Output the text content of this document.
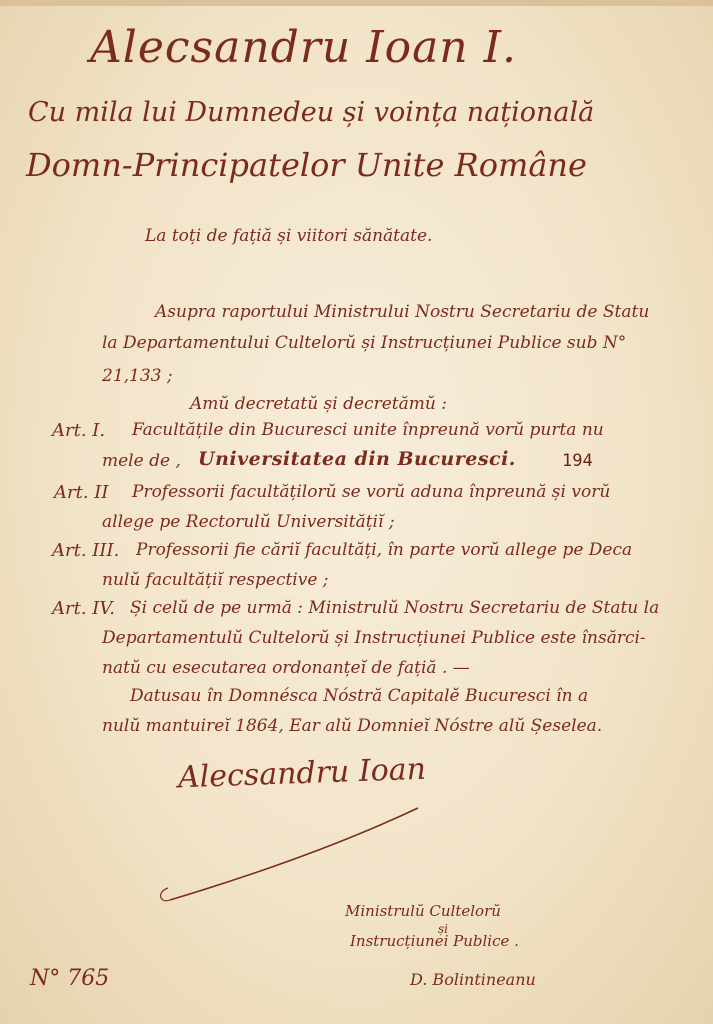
Alecsandru Ioan I.
Cu mila lui Dumnedeu și voința națională
Domn-Principatelor Unite Române
La toți de fațiă și viitori sănătate.
Asupra raportului Ministrului Nostru Secretariu de Statu
la Departamentului Cultelorŭ și Instrucțiunei Publice sub N°
21,133 ;
Amŭ decretatŭ și decretămŭ :
Art. I. Facultățile din Bucuresci unite înpreună vorŭ purta nu
mele de , Universitatea din Bucuresci.	194
Art. II Professorii facultățilorŭ se vorŭ aduna înpreună și vorŭ
allege pe Rectorulŭ Universitățiĭ ;
Art. III. Professorii fie căriĭ facultăți, în parte vorŭ allege pe Deca
nulŭ facultățiĭ respective ;
Art. IV. Și celŭ de pe urmă : Ministrulŭ Nostru Secretariu de Statu la
Departamentulŭ Cultelorŭ și Instrucțiunei Publice este însărci-
natŭ cu esecutarea ordonanțeĭ de fațiă . —
Datusau în Domnésca Nóstră Capitalĕ Bucuresci în a​
nulŭ mantuireĭ 1864, Ear alŭ Domnieĭ Nóstre alŭ Șeselea.
Alecsandru Ioan
Ministrulŭ Cultelorŭ
și
Instrucțiunei Publice .
D. Bolintineanu
N° 765
